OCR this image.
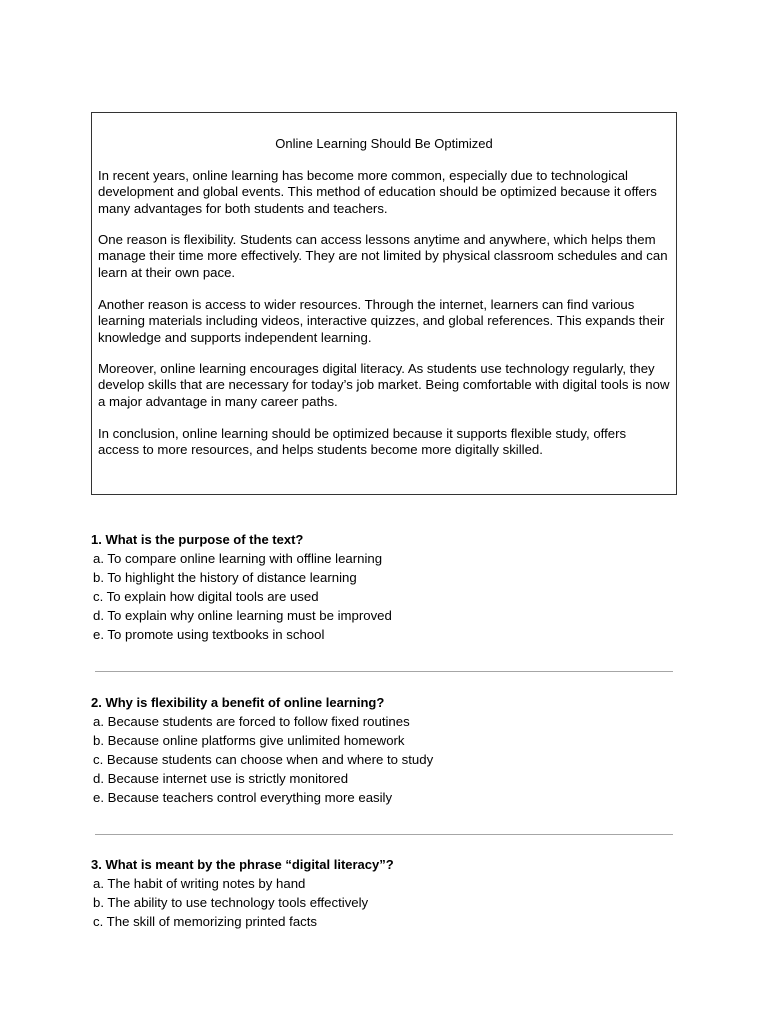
Online Learning Should Be Optimized

In recent years, online learning has become more common, especially due to technological development and global events. This method of education should be optimized because it offers many advantages for both students and teachers.

One reason is flexibility. Students can access lessons anytime and anywhere, which helps them manage their time more effectively. They are not limited by physical classroom schedules and can learn at their own pace.

Another reason is access to wider resources. Through the internet, learners can find various learning materials including videos, interactive quizzes, and global references. This expands their knowledge and supports independent learning.

Moreover, online learning encourages digital literacy. As students use technology regularly, they develop skills that are necessary for today’s job market. Being comfortable with digital tools is now a major advantage in many career paths.

In conclusion, online learning should be optimized because it supports flexible study, offers access to more resources, and helps students become more digitally skilled.

1. What is the purpose of the text?
a. To compare online learning with offline learning
b. To highlight the history of distance learning
c. To explain how digital tools are used
d. To explain why online learning must be improved
e. To promote using textbooks in school
2. Why is flexibility a benefit of online learning?
a. Because students are forced to follow fixed routines
b. Because online platforms give unlimited homework
c. Because students can choose when and where to study
d. Because internet use is strictly monitored
e. Because teachers control everything more easily
3. What is meant by the phrase “digital literacy”?
a. The habit of writing notes by hand
b. The ability to use technology tools effectively
c. The skill of memorizing printed facts
